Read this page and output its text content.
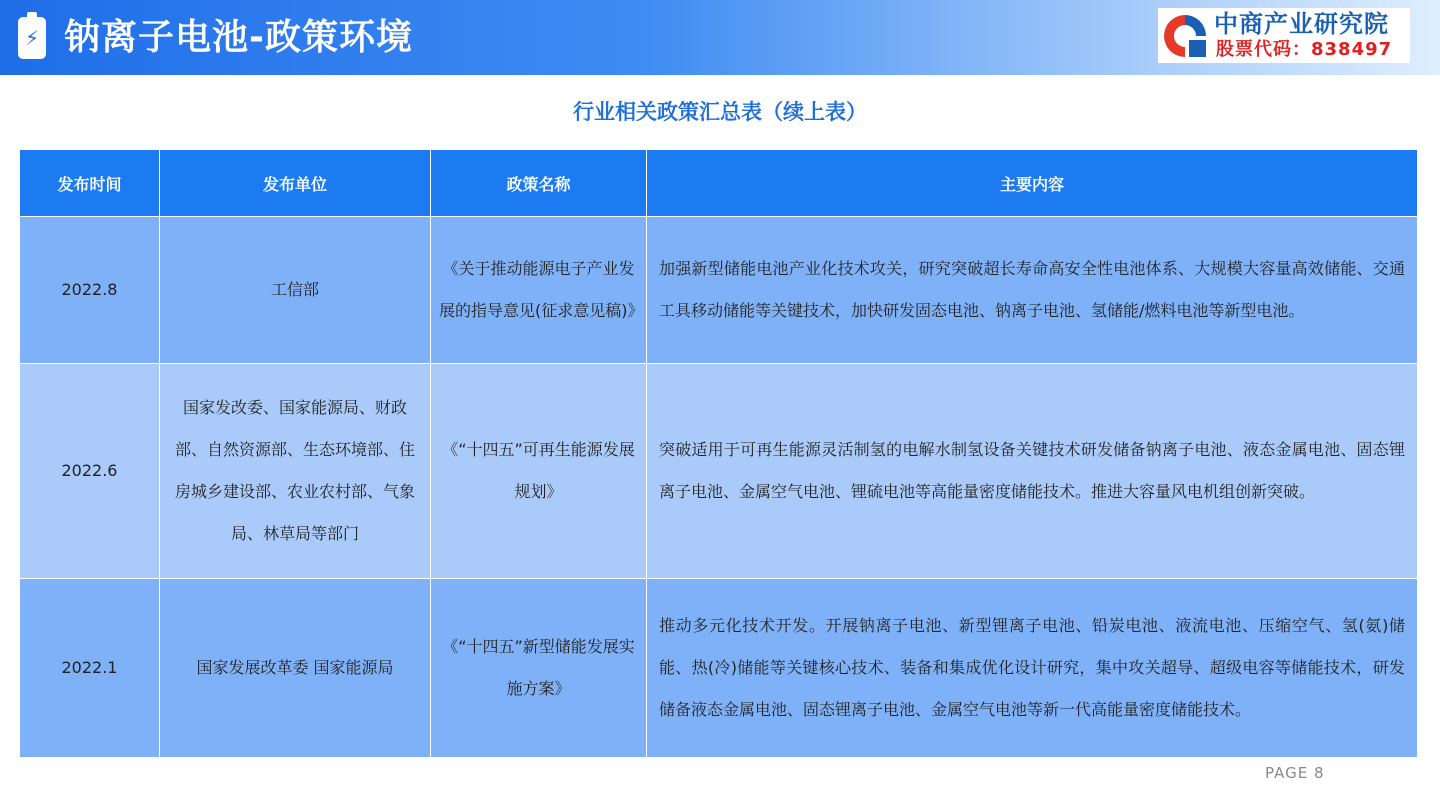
⚡ 钠离子电池-政策环境	中商产业研究院
股票代码：838497
行业相关政策汇总表（续上表）
发布时间	发布单位	政策名称	主要内容
2022.8	工信部	《关于推动能源电子产业发展的指导意见(征求意见稿)》	加强新型储能电池产业化技术攻关，研究突破超长寿命高安全性电池体系、大规模大容量高效储能、交通工具移动储能等关键技术，加快研发固态电池、钠离子电池、氢储能/燃料电池等新型电池。
2022.6	国家发改委、国家能源局、财政部、自然资源部、生态环境部、住房城乡建设部、农业农村部、气象局、林草局等部门	《“十四五”可再生能源发展规划》	突破适用于可再生能源灵活制氢的电解水制氢设备关键技术研发储备钠离子电池、液态金属电池、固态锂离子电池、金属空气电池、锂硫电池等高能量密度储能技术。推进大容量风电机组创新突破。
2022.1	国家发展改革委 国家能源局	《“十四五”新型储能发展实施方案》	推动多元化技术开发。开展钠离子电池、新型锂离子电池、铅炭电池、液流电池、压缩空气、氢(氨)储能、热(冷)储能等关键核心技术、装备和集成优化设计研究，集中攻关超导、超级电容等储能技术，研发储备液态金属电池、固态锂离子电池、金属空气电池等新一代高能量密度储能技术。
PAGE 8
